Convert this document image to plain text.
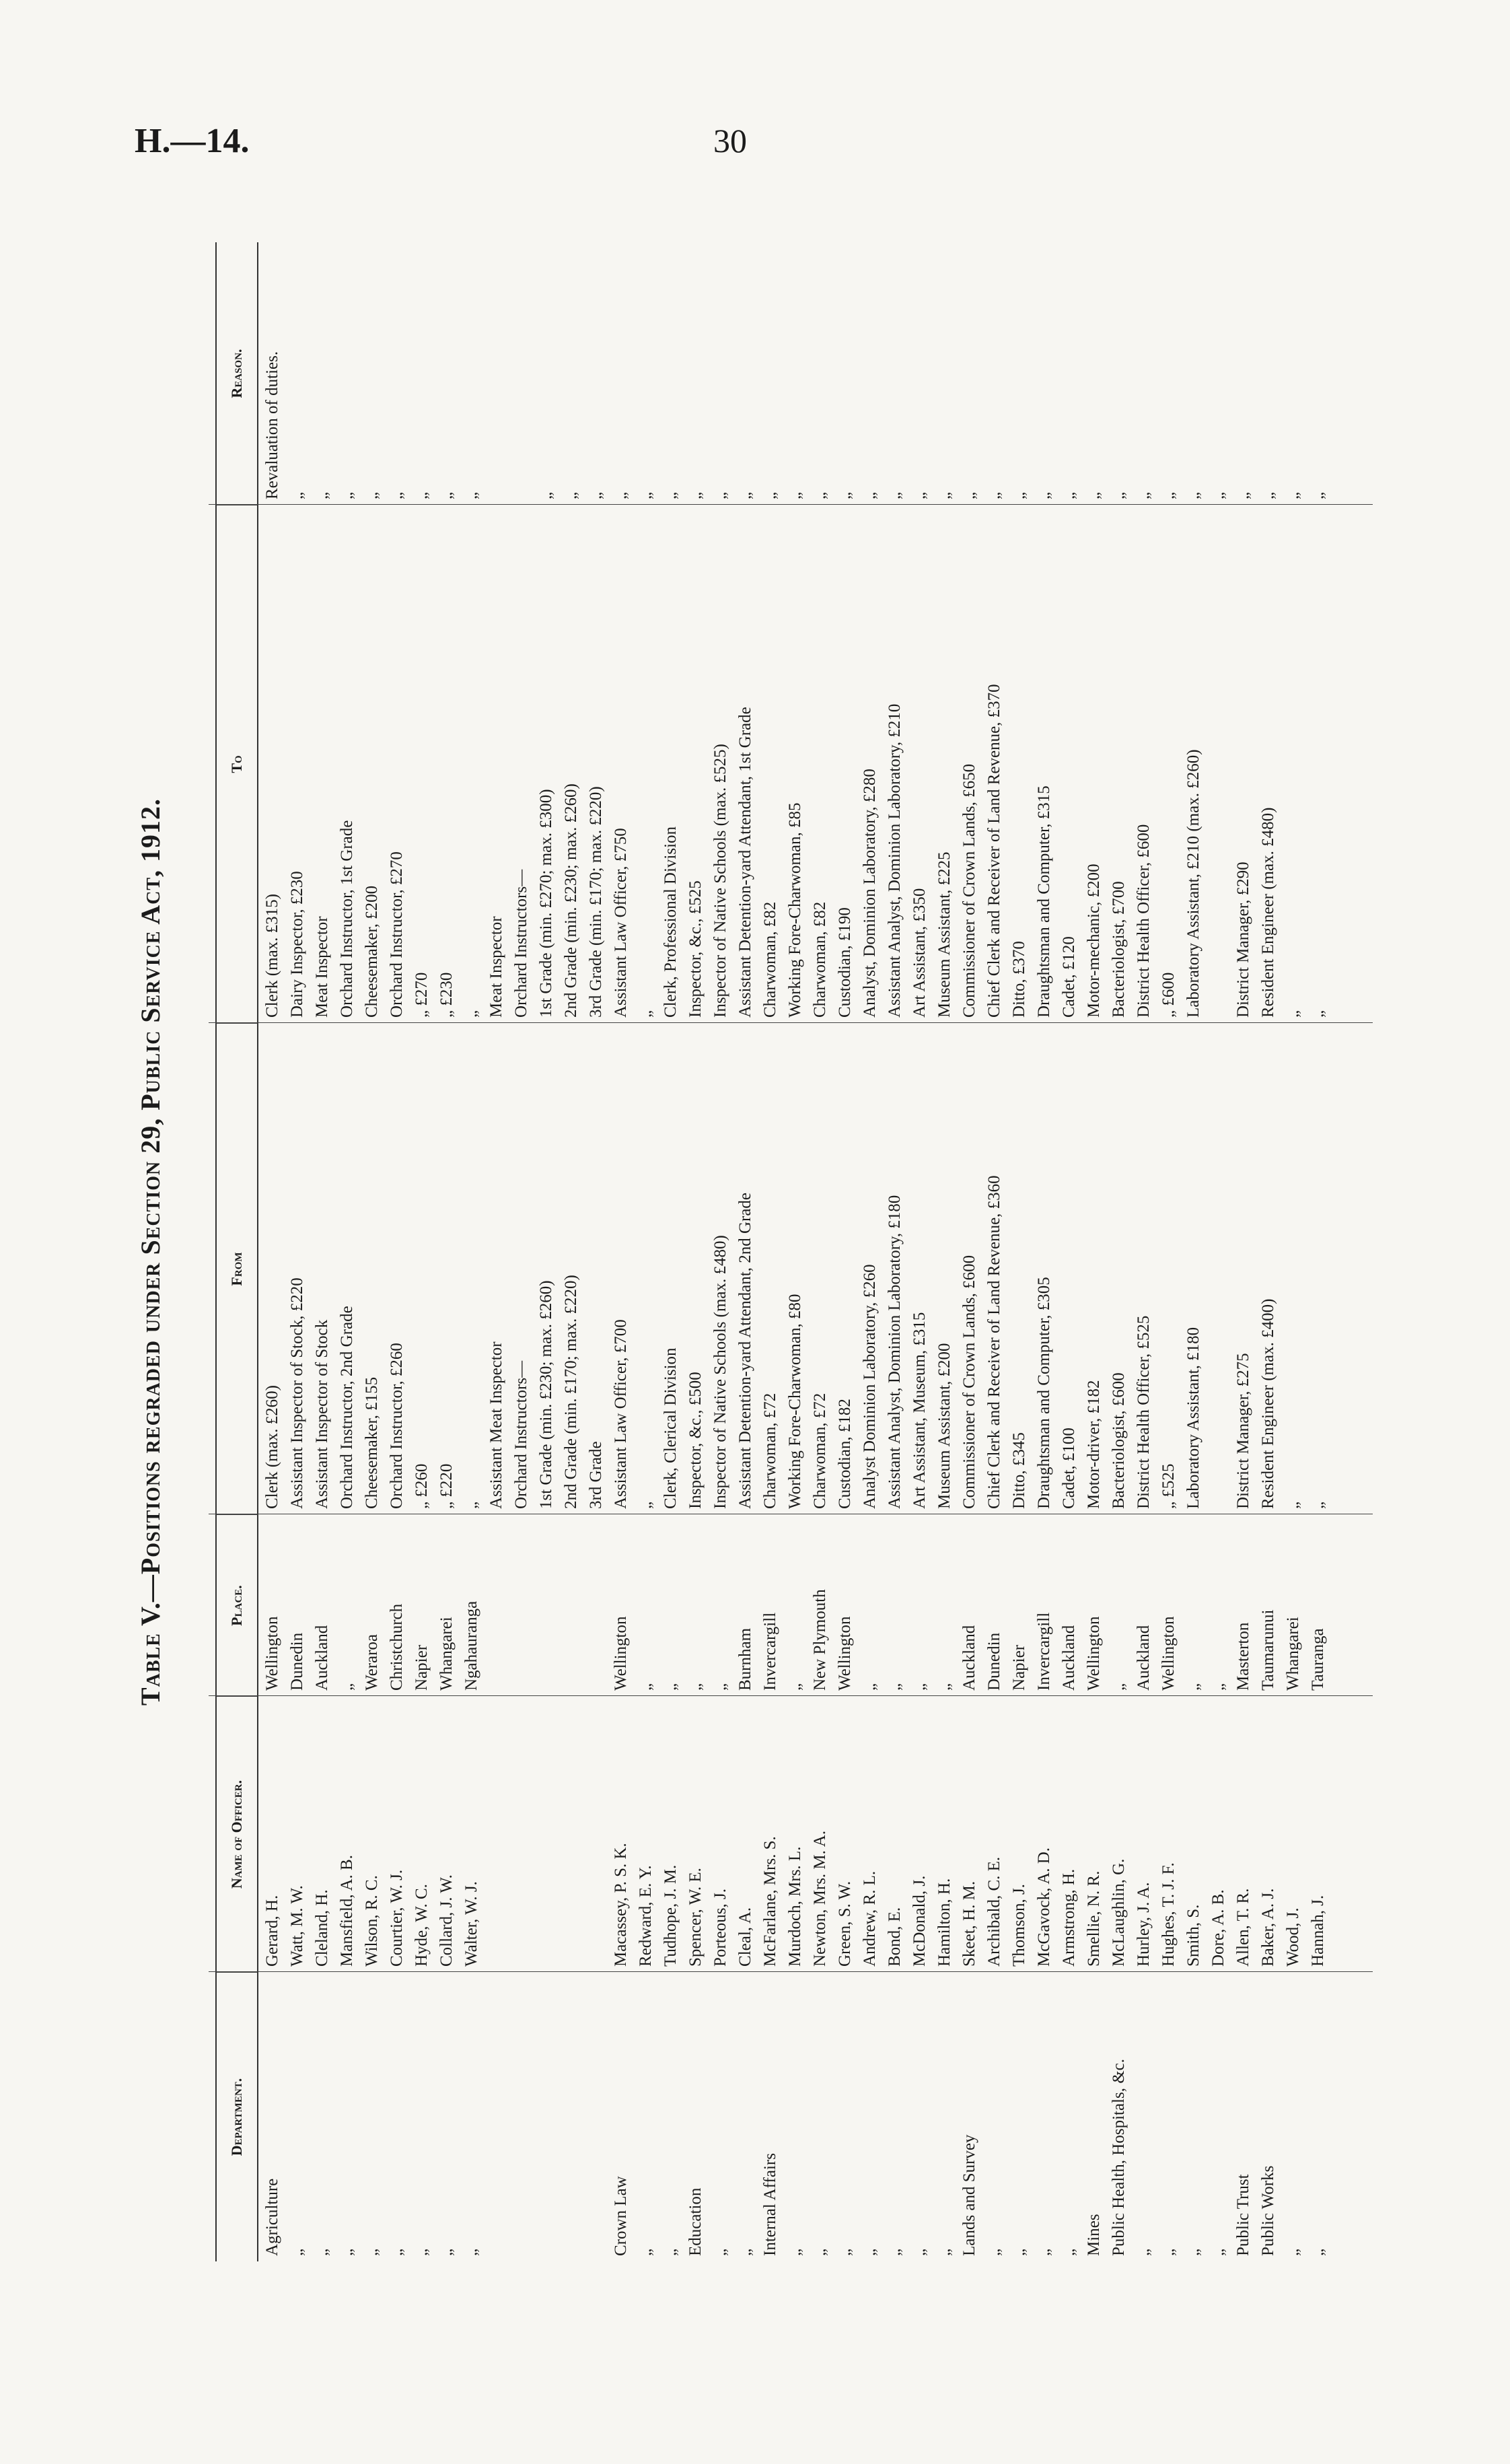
H.—14.	30
Table V.—Positions regraded under Section 29, Public Service Act, 1912.
Department.
Name of Officer.
Place.
From
To
Reason.
Agriculture
Gerard, H.
Wellington
Clerk (max. £260)
Clerk (max. £315)
Revaluation of duties.
„
Watt, M. W.
Dunedin
Assistant Inspector of Stock, £220
Dairy Inspector, £230
„
„
Cleland, H.
Auckland
Assistant Inspector of Stock
Meat Inspector
„
„
Mansfield, A. B.
„
Orchard Instructor, 2nd Grade
Orchard Instructor, 1st Grade
„
„
Wilson, R. C.
Weraroa
Cheesemaker, £155
Cheesemaker, £200
„
„
Courtier, W. J.
Christchurch
Orchard Instructor, £260
Orchard Instructor, £270
„
„
Hyde, W. C.
Napier
„ £260
„ £270
„
„
Collard, J. W.
Whangarei
„ £220
„ £230
„
„
Walter, W. J.
Ngahauranga
„
„
„
Assistant Meat Inspector
Meat Inspector
Orchard Instructors—
Orchard Instructors—
1st Grade (min. £230; max. £260)
1st Grade (min. £270; max. £300)
„
2nd Grade (min. £170; max. £220)
2nd Grade (min. £230; max. £260)
„
3rd Grade
3rd Grade (min. £170; max. £220)
„
Crown Law
Macassey, P. S. K.
Wellington
Assistant Law Officer, £700
Assistant Law Officer, £750
„
„
Redward, E. Y.
„
„
„
„
„
Tudhope, J. M.
„
Clerk, Clerical Division
Clerk, Professional Division
„
Education
Spencer, W. E.
„
Inspector, &c., £500
Inspector, &c., £525
„
„
Porteous, J.
„
Inspector of Native Schools (max. £480)
Inspector of Native Schools (max. £525)
„
„
Cleal, A.
Burnham
Assistant Detention-yard Attendant, 2nd Grade
Assistant Detention-yard Attendant, 1st Grade
„
Internal Affairs
McFarlane, Mrs. S.
Invercargill
Charwoman, £72
Charwoman, £82
„
„
Murdoch, Mrs. L.
„
Working Fore-Charwoman, £80
Working Fore-Charwoman, £85
„
„
Newton, Mrs. M. A.
New Plymouth
Charwoman, £72
Charwoman, £82
„
„
Green, S. W.
Wellington
Custodian, £182
Custodian, £190
„
„
Andrew, R. L.
„
Analyst Dominion Laboratory, £260
Analyst, Dominion Laboratory, £280
„
„
Bond, E.
„
Assistant Analyst, Dominion Laboratory, £180
Assistant Analyst, Dominion Laboratory, £210
„
„
McDonald, J.
„
Art Assistant, Museum, £315
Art Assistant, £350
„
„
Hamilton, H.
„
Museum Assistant, £200
Museum Assistant, £225
„
Lands and Survey
Skeet, H. M.
Auckland
Commissioner of Crown Lands, £600
Commissioner of Crown Lands, £650
„
„
Archibald, C. E.
Dunedin
Chief Clerk and Receiver of Land Revenue, £360
Chief Clerk and Receiver of Land Revenue, £370
„
„
Thomson, J.
Napier
Ditto, £345
Ditto, £370
„
„
McGavock, A. D.
Invercargill
Draughtsman and Computer, £305
Draughtsman and Computer, £315
„
„
Armstrong, H.
Auckland
Cadet, £100
Cadet, £120
„
Mines
Smellie, N. R.
Wellington
Motor-driver, £182
Motor-mechanic, £200
„
Public Health, Hospitals, &c.
McLaughlin, G.
„
Bacteriologist, £600
Bacteriologist, £700
„
„
Hurley, J. A.
Auckland
District Health Officer, £525
District Health Officer, £600
„
„
Hughes, T. J. F.
Wellington
„ £525
„ £600
„
„
Smith, S.
„
Laboratory Assistant, £180
Laboratory Assistant, £210 (max. £260)
„
„
Dore, A. B.
„
„
Public Trust
Allen, T. R.
Masterton
District Manager, £275
District Manager, £290
„
Public Works
Baker, A. J.
Taumarunui
Resident Engineer (max. £400)
Resident Engineer (max. £480)
„
„
Wood, J.
Whangarei
„
„
„
„
Hannah, J.
Tauranga
„
„
„
